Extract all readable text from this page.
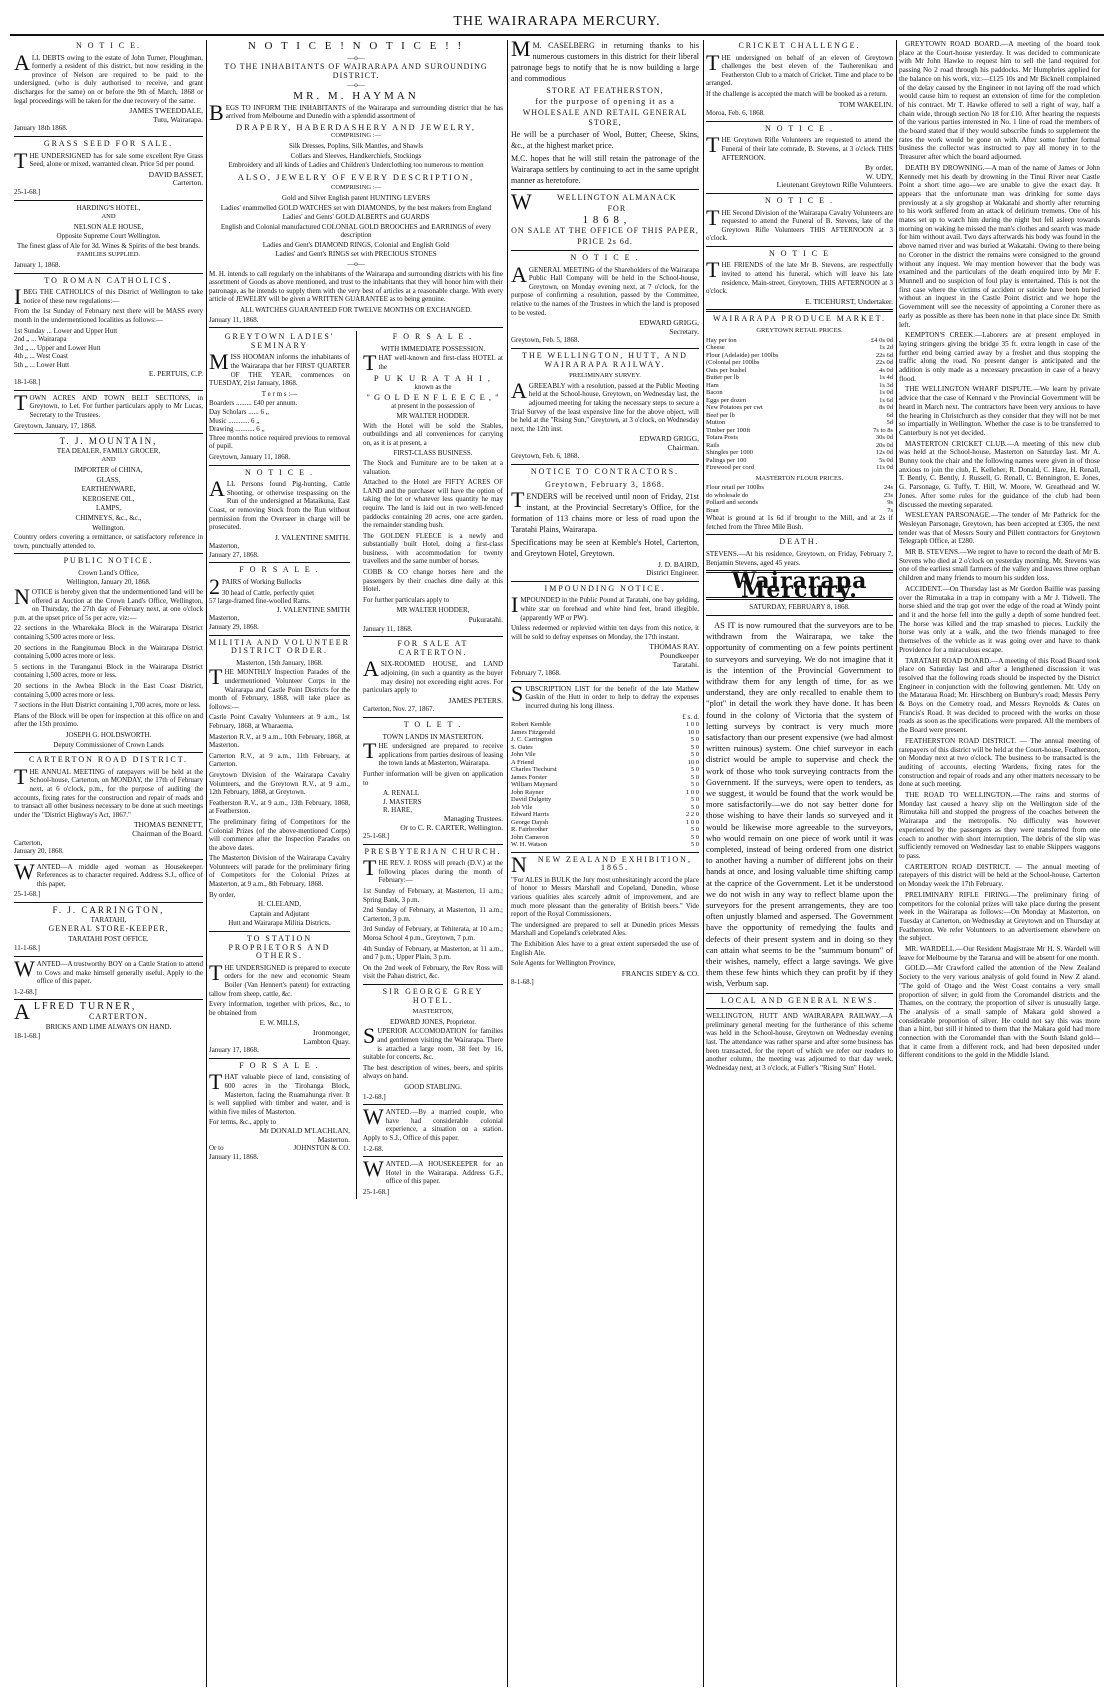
THE WAIRARAPA MERCURY.
N O T I C E.

ALL DEBTS owing to the estate of John Turner, Ploughman, formerly a resident of this district, but now residing in the province of Nelson are required to be paid to the undersigned, (who is duly authorised to receive, and grant discharges for the same) on or before the 9th of March, 1868 or legal proceedings will be taken for the due recovery of the same.

JAMES TWEEDDALE,
Tutu, Wairarapa.
January 18th 1868.
GRASS SEED FOR SALE.

THE UNDERSIGNED has for sale some excellent Rye Grass Seed, alone or mixed, warranted clean. Price 5d per pound.

DAVID BASSET,
Carterton.
25-1-68.]
HARDING'S HOTEL,
AND
NELSON ALE HOUSE,
Opposite Supreme Court Wellington.
The finest glass of Ale for 3d. Wines & Spirits of the best brands.
FAMILIES SUPPLIED.
January 1, 1868.
TO ROMAN CATHOLICS.

IBEG THE CATHOLICS of this District of Wellington to take notice of these new regulations:—

From the 1st Sunday of February next there will be MASS every month in the undermentioned localities as follows:—

1st Sunday ... Lower and Upper Hutt
2nd „ ... Wairarapa
3rd „ ... Upper and Lower Hutt
4th „ ... West Coast
5th „ ... Lower Hutt
E. PERTUIS, C.P.
18-1-68.]

TOWN ACRES AND TOWN BELT SECTIONS, in Greytown, to Let. For further particulars apply to Mr Lucas, Secretary to the Trustees.

Greytown, January, 17, 1868.
T. J. MOUNTAIN,
TEA DEALER, FAMILY GROCER,
AND
IMPORTER of CHINA,
GLASS,
EARTHENWARE,
KEROSENE OIL,
LAMPS,
CHIMNEYS, &c., &c.,
Wellington.

Country orders covering a remittance, or satisfactory reference in town, punctually attended to.

PUBLIC NOTICE.
Crown Land's Office,
Wellington, January 20, 1868.

NOTICE is hereby given that the undermentioned land will be offered at Auction at the Crown Land's Office, Wellington, on Thursday, the 27th day of February next, at one o'clock p.m. at the upset price of 5s per acre, viz:—

22 sections in the Wharekaka Block in the Wairarapa District containing 5,500 acres more or less.

20 sections in the Rangitumau Block in the Wairarapa District containing 5,000 acres more or less.

5 sections in the Turanganui Block in the Wairarapa District containing 1,500 acres, more or less.

20 sections in the Awhea Block in the East Coast District, containing 5,000 acres more or less.

7 sections in the Hutt District containing 1,700 acres, more or less.

Plans of the Block will be open for inspection at this office on and after the 15th proximo.

JOSEPH G. HOLDSWORTH.
Deputy Commissioner of Crown Lands
CARTERTON ROAD DISTRICT.

THE ANNUAL MEETING of ratepayers will be held at the School-house, Carterton, on MONDAY, the 17th of February next, at 6 o'clock, p.m., for the purpose of auditing the accounts, fixing rates for the construction and repair of roads and to transact all other business necessary to be done at such meetings under the "District Highway's Act, 1867."

THOMAS BENNETT,
Chairman of the Board.
Carterton,
January 20, 1868.

WANTED—A middle aged woman as Housekeeper. References as to character required. Address S.J., office of this paper,

25-1-68.]
F. J. CARRINGTON,
TARATAHI,
GENERAL STORE-KEEPER,
TARATAHI POST OFFICE.
11-1-68.]

WANTED—A trustworthy BOY on a Cattle Station to attend to Cows and make himself generally useful. Apply to the office of this paper.

1-2-68.]
ALFRED TURNER,
CARTERTON.
BRICKS AND LIME ALWAYS ON HAND.
18-1-68.]
N O T I C E ! N O T I C E ! !
—o—
TO THE INHABITANTS OF WAIRARAPA AND SUROUNDING DISTRICT.
—o—
MR. M. HAYMAN

BEGS TO INFORM THE INHABITANTS of the Wairarapa and surrounding district that he has arrived from Melbourne and Dunedin with a splendid assortment of

DRAPERY, HABERDASHERY AND JEWELRY,
COMPRISING :—
Silk Dresses, Poplins, Silk Mantles, and Shawls
Collars and Sleeves, Handkerchiefs, Stockings
Embroidery and all kinds of Ladies and Children's Underclothing too numerous to mention
ALSO, JEWELRY OF EVERY DESCRIPTION,
COMPRISING :—
Gold and Silver English patent HUNTING LEVERS
Ladies' enammelled GOLD WATCHES set with DIAMONDS, by the best makers from England
Ladies' and Gents' GOLD ALBERTS and GUARDS
English and Colonial manufactured COLONIAL GOLD BROOCHES and EARRINGS of every description
Ladies and Gent's DIAMOND RINGS, Colonial and English Gold
Ladies' and Gent's RINGS set with PRECIOUS STONES
—o—

M. H. intends to call regularly on the inhabitants of the Wairarapa and surrounding districts with his fine assortment of Goods as above mentioned, and trust to the inhabitants that they will honor him with their patronage, as he intends to supply them with the very best of articles at a reasonable charge. With every article of JEWELRY will be given a WRITTEN GUARANTEE as to being genuine.

ALL WATCHES GUARANTEED FOR TWELVE MONTHS OR EXCHANGED.
January 11, 1868.
GREYTOWN LADIES' SEMINARY

MISS HOOMAN informs the inhabitants of the Wairarapa that her FIRST QUARTER OF THE YEAR, commences on TUESDAY, 21st January, 1868.

T e r m s :—
Boarders ......... £40 per annum.
Day Scholars ...... 6 „
Music ............ 6 „
Drawing ........... 6 „

Three months notice required previous to removal of pupil.

Greytown, January 11, 1868.
N O T I C E .

ALL Persons found Pig-hunting, Cattle Shooting, or otherwise trespassing on the Run of the undersigned at Mataikuna, East Coast, or removing Stock from the Run without permission from the Overseer in charge will be prosecuted.

J. VALENTINE SMITH.
Masterton,
January 27, 1868.
F O R S A L E .

2 PAIRS of Working Bullocks

30 head of Cattle, perfectly quiet
57 large-framed fine-woolled Rams.
J. VALENTINE SMITH
Masterton,
January 29, 1868.
MILITIA AND VOLUNTEER DISTRICT ORDER.
Masterton, 15th January, 1868.

THE MONTHLY Inspection Parades of the undermentioned Volunteer Corps in the Wairarapa and Castle Point Districts for the month of February, 1868, will take place as follows:—

Castle Point Cavalry Volunteers at 9 a.m., 1st February, 1868, at Wharaema.

Masterton R.V., at 9 a.m., 10th February, 1868, at Masterton.

Carterton R.V., at 9 a.m., 11th February, at Carterton.

Greytown Division of the Wairarapa Cavalry Volunteers, and the Greytown R.V., at 9 a.m., 12th February, 1868, at Greytown.

Featherston R.V., at 9 a.m., 13th February, 1868, at Featherston.

The preliminary firing of Competitors for the Colonial Prizes (of the above-mentioned Corps) will commence after the Inspection Parades on the above dates.

The Masterton Division of the Wairarapa Cavalry Volunteers will parade for the preliminary firing of Competitors for the Colonial Prizes at Masterton, at 9 a.m., 8th February, 1868.

By order,
H. CLELAND,
Captain and Adjutant
Hutt and Wairarapa Militia Districts.
TO STATION PROPRIETORS AND OTHERS.

THE UNDERSIGNED is prepared to execute orders for the new and economic Steam Boiler (Van Hennert's patent) for extracting tallow from sheep, cattle, &c.

Every information, together with prices, &c., to be obtained from

E. W. MILLS,
Ironmonger,
Lambton Quay.
January 17, 1868.
F O R S A L E .

THAT valuable piece of land, consisting of 600 acres in the Tirohanga Block, Masterton, facing the Ruamahunga river. It is well supplied with timber and water, and is within five miles of Masterton.

For terms, &c., apply to
Mr DONALD M'LACHLAN,
Masterton.
Or to	JOHNSTON & CO.
January 11, 1868.
F O R S A L E .
WITH IMMEDIATE POSSESSION.

THAT well-known and first-class HOTEL at the

P U K U R A T A H I ,
known as the
" G O L D E N F L E E C E , "
at present in the possession of
MR WALTER HODDER.

With the Hotel will be sold the Stables, outbuildings and all conveniences for carrying on, as it is at present, a

FIRST-CLASS BUSINESS.

The Stock and Furniture are to be taken at a valuation.

Attached to the Hotel are FIFTY ACRES OF LAND and the purchaser will have the option of taking the lot or whatever less quantity he may require. The land is laid out in two well-fenced paddocks containing 20 acres, one acre garden, the remainder standing bush.

The GOLDEN FLEECE is a newly and substantially built Hotel, doing a first-class business, with accommodation for twenty travellers and the same number of horses.

COBB & CO change horses here and the passengers by their coaches dine daily at this Hotel.

For further particulars apply to

MR WALTER HODDER,
Pukuratahi.
January 11, 1868.
FOR SALE AT CARTERTON.

ASIX-ROOMED HOUSE, and LAND adjoining, (in such a quantity as the buyer may desire) not exceeding eight acres. For particulars apply to

JAMES PETERS.
Carterton, Nov. 27, 1867.
T O L E T .
TOWN LANDS IN MASTERTON.

THE undersigned are prepared to receive applications from parties desirous of leasing the town lands at Masterton, Wairarapa.

Further information will be given on application to

A. RENALL
J. MASTERS
R. HARE,
Managing Trustees.
Or to C. R. CARTER, Wellington.
25-1-68.]
PRESBYTERIAN CHURCH.

THE REV. J. ROSS will preach (D.V.) at the following places during the month of February:—

1st Sunday of February, at Masterton, 11 a.m.; Spring Bank, 3 p.m.

2nd Sunday of February, at Masterton, 11 a.m.; Carterton, 3 p.m.

3rd Sunday of February, at Tehiterata, at 10 a.m.; Moroa School 4 p.m., Greytown, 7 p.m.

4th Sunday of February, at Masterton, at 11 a.m., and 7 p.m.; Upper Plain, 3 p.m.

On the 2nd week of February, the Rev Ross will visit the Pahau district, &c.

SIR GEORGE GREY HOTEL.
MASTERTON,
EDWARD JONES, Proprietor.

SUPERIOR ACCOMODATION for families and gentlemen visiting the Wairarapa. There is attached a large room, 38 feet by 16, suitable for concerts, &c.

The best description of wines, beers, and spirits always on hand.

GOOD STABLING.
1-2-68.]

WANTED.—By a married couple, who have had considerable colonial experience, a situation on a station. Apply to S.J., Office of this paper.

1-2-68.

WANTED.—A HOUSEKEEPER for an Hotel in the Wairarapa. Address G.F., office of this paper.

25-1-68.]

M M. CASELBERG in returning thanks to his numerous customers in this district for their liberal patronage begs to notify that he is now building a large and commodious

STORE AT FEATHERSTON,
for the purpose of opening it as a
WHOLESALE AND RETAIL GENERAL STORE,

He will be a purchaser of Wool, Butter, Cheese, Skins, &c., at the highest market price.

M.C. hopes that he will still retain the patronage of the Wairarapa settlers by continuing to act in the same upright manner as heretofore.

W	WELLINGTON ALMANACK
FOR
1 8 6 8 ,
ON SALE AT THE OFFICE OF THIS PAPER,
PRICE 2s 6d.
N O T I C E .

AGENERAL MEETING of the Shareholders of the Wairarapa Public Hall Company will be held in the School-house, Greytown, on Monday evening next, at 7 o'clock, for the purpose of confirming a resolution, passed by the Committee, relative to the names of the Trustees in which the land is proposed to be vested.

EDWARD GRIGG,
Secretary.
Greytown, Feb. 5, 1868.
THE WELLINGTON, HUTT, AND WAIRARAPA RAILWAY.
PRELIMINARY SURVEY.

AGREEABLY with a resolution, passed at the Public Meeting held at the School-house, Greytown, on Wednesday last, the adjourned meeting for taking the necessary steps to secure a Trial Survey of the least expensive line for the above object, will be held at the "Rising Sun," Greytown, at 3 o'clock, on Wednesday next, the 12th inst.

EDWARD GRIGG,
Chairman.
Greytown, Feb. 6, 1868.
NOTICE TO CONTRACTORS.
Greytown, February 3, 1868.

TENDERS will be received until noon of Friday, 21st instant, at the Provincial Secretary's Office, for the formation of 113 chains more or less of road upon the Taratahi Plains, Wairarapa.

Specifications may be seen at Kemble's Hotel, Carterton, and Greytown Hotel, Greytown.

J. D. BAIRD,
District Engineer.
IMPOUNDING NOTICE.

IMPOUNDED in the Public Pound at Taratahi, one bay gelding, white star on forehead and white hind feet, brand illegible, (apparently WP or PW).

Unless redeemed or replevied within ten days from this notice, it will be sold to defray expenses on Monday, the 17th instant.

THOMAS RAY.
Poundkeeper
Taratahi.
February 7, 1868.

SUBSCRIPTION LIST for the benefit of the late Mathew Gaskin of the Hutt in order to help to defray the expenses incurred during his long illness.

£ s. d.
Robert Kemble	1 0 0
James Fitzgerald	10 0
J. C. Carrington	5 0
S. Oates	5 0
John Vile	5 0
A Friend	10 0
Charles Tiechurst	5 0
James Forster	5 0
William Maynard	5 0
John Rayner	1 0 0
David Dulgetty	5 0
Job Vile	5 0
Edward Harris	2 2 0
George Daysh	1 0 0
R. Fairbrother	5 0
John Cameron	5 0
W. H. Watson	5 0
N NEW ZEALAND EXHIBITION, 1865.

"For ALES in BULK the Jury most unhesitatingly accord the place of honor to Messrs Marshall and Copeland, Dunedin, whose various qualities ales scarcely admit of improvement, and are much more pleasant than the generality of British beers." Vide report of the Royal Commissioners.

The undersigned are prepared to sell at Dunedin prices Messrs Marshall and Copeland's celebrated Ales.

The Exhibition Ales have to a great extent superseded the use of English Ale.

Sole Agents for Wellington Province,

FRANCIS SIDEY & CO.
8-1-68.]
CRICKET CHALLENGE.

THE undersigned on behalf of an eleven of Greytown challenges the best eleven of the Tauherenikau and Featherston Club to a match of Cricket. Time and place to be arranged.

If the challenge is accepted the match will be booked as a return.

TOM WAKELIN.
Moroa, Feb. 6, 1868.
N O T I C E .

THE Greytown Rifle Volunteers are requested to attend the Funeral of their late comrade, B. Stevens, at 3 o'clock THIS AFTERNOON.

By order,
W. UDY,
Lieutenant Greytown Rifle Volunteers.
N O T I C E .

THE Second Division of the Wairarapa Cavalry Volunteers are requested to attend the Funeral of B. Stevens, late of the Greytown Rifle Volunteers THIS AFTERNOON at 3 o'clock.

N O T I C E

THE FRIENDS of the late Mr B. Stevens, are respectfully invited to attend his funeral, which will leave his late residence, Main-street, Greytown, THIS AFTERNOON at 3 o'clock.

E. TICEHURST, Undertaker.
WAIRARAPA PRODUCE MARKET.
GREYTOWN RETAIL PRICES.
Hay per ton	£4 0s 0d
Cheese	1s 2d
Flour (Adelaide) per 100lbs	22s 6d
(Colonial per 100lbs	22s 0d
Oats per bushel	4s 0d
Butter per lb	1s 4d
Ham	1s 3d
Bacon	1s 0d
Eggs per dozen	1s 6d
New Potatoes per cwt	8s 0d
Beef per lb	6d
Mutton	5d
Timber per 100ft	7s to 8s
Totara Posts	30s 0d
Rails	20s 0d
Shingles per 1000	12s 0d
Palings per 100	5s 0d
Firewood per cord	11s 0d
MASTERTON FLOUR PRICES.
Flour retail per 100lbs	24s
do wholesale do	23s
Pollard and seconds	9s
Bran	7s

Wheat is ground at 1s 6d if brought to the Mill, and at 2s if fetched from the Three Mile Bush.

DEATH.

STEVENS.—At his residence, Greytown, on Friday, February 7, Benjamin Stevens, aged 45 years.

Wairarapa Mercury.
SATURDAY, FEBRUARY 8, 1868.

AS IT is now rumoured that the surveyors are to be withdrawn from the Wairarapa, we take the opportunity of commenting on a few points pertinent to surveyors and surveying. We do not imagine that it is the intention of the Provincial Government to withdraw them for any length of time, for as we understand, they are only recalled to enable them to "plot" in detail the work they have done. It has been found in the colony of Victoria that the system of letting surveys by contract is very much more satisfactory than our present expensive (we had almost written ruinous) system. One chief surveyor in each district would be ample to supervise and check the work of those who took surveying contracts from the Government. If the surveys, were open to tenders, as we suggest, it would be found that the work would be more satisfactorily—we do not say better done for those wishing to have their lands so surveyed and it would be likewise more agreeable to the surveyors, who would remain on one piece of work until it was completed, instead of being ordered from one district to another having a number of different jobs on their hands at once, and losing valuable time shifting camp at the caprice of the Government. Let it be understood we do not wish in any way to reflect blame upon the surveyors for the present arrangements, they are too often unjustly blamed and aspersed. The Government have the opportunity of remedying the faults and defects of their present system and in doing so they can attain what seems to be the "summum bonum" of their wishes, namely, effect a large savings. We give them these few hints which they can profit by if they wish, Verbum sap.

LOCAL AND GENERAL NEWS.

WELLINGTON, HUTT AND WAIRARAPA RAILWAY.—A preliminary general meeting for the furtherance of this scheme was held in the School-house, Greytown on Wednesday evening last. The attendance was rather sparse and after some business has been transacted, for the report of which we refer our readers to another column, the meeting was adjourned to that day week, Wednesday next, at 3 o'clock, at Fuller's "Rising Sun" Hotel.

GREYTOWN ROAD BOARD.—A meeting of the board took place at the Court-house yesterday. It was decided to communicate with Mr John Hawke to request him to sell the land required for passing No 2 road through his paddocks. Mr Humphries applied for the balance on his work, viz:—£125 10s and Mr Bicknell complained of the delay caused by the Engineer in not laying off the road which would cause him to request an extension of time for the completion of his contract. Mr T. Hawke offered to sell a right of way, half a chain wide, through section No 18 for £10. After hearing the requests of the various parties interested in No. 1 line of road the members of the board stated that if they would subscribe funds to supplement the rates the work would be gone on with. After some further formal business the collector was instructed to pay all money in to the Treasurer after which the board adjourned.

DEATH BY DROWNING.—A man of the name of James or John Kennedy met his death by drowning in the Tinui River near Castle Point a short time ago—we are unable to give the exact day. It appears that the unfortunate man was drinking for some days previously at a sly grogshop at Wakatahi and shortly after returning to his work suffered from an attack of delirium tremens. One of his mates set up to watch him during the night but fell asleep towards morning on waking he missed the man's clothes and search was made for him without avail. Two days afterwards his body was found in the above named river and was buried at Wakatahi. Owing to there being no Coroner in the district the remains were consigned to the ground without any inquest. We may mention however that the body was examined and the particulars of the death enquired into by Mr F. Munnell and no suspicion of foul play is entertained. This is not the first case where the victims of accident or suicide have been buried without an inquest in the Castle Point district and we hope the Government will see the necessity of appointing a Coroner there as early as possible as there has been none in that place since Dr. Smith left.

KEMPTON'S CREEK.—Laborers are at present employed in laying stringers giving the bridge 35 ft. extra length in case of the further end being carried away by a freshet and thus stopping the traffic along the road. No present danger is anticipated and the addition is only made as a necessary precaution in case of a heavy flood.

THE WELLINGTON WHARF DISPUTE.—We learn by private advice that the case of Kennard v the Provincial Government will be heard in March next. The contractors have been very anxious to have the hearing in Christchurch as they consider that they will not be met so impartially in Wellington. Whether the case is to be transferred to Canterbury is not yet decided.

MASTERTON CRICKET CLUB.—A meeting of this new club was held at the School-house, Masterton on Saturday last. Mr A. Bunny took the chair and the following names were given in of those anxious to join the club, E. Kelleher, R. Donald, C. Hare, H. Renall, T. Bently, C. Bently, J. Russell, G. Renall, C. Bennington, E. Jones, G. Parsonage, G. Tuffy, T. Hill, W. Moore, W. Greathead and W. Jones. After some rules for the guidance of the club had been discussed the meeting separated.

WESLEYAN PARSONAGE.—The tender of Mr Pathrick for the Wesleyan Parsonage, Greytown, has been accepted at £305, the next tender was that of Messrs Soury and Pillett contractors for Greytown Telegraph Office, at £280.

MR B. STEVENS.—We regret to have to record the death of Mr B. Stevens who died at 2 o'clock on yesterday morning. Mr. Stevens was one of the earliest small farmers of the valley and leaves three orphan children and many friends to mourn his sudden loss.

ACCIDENT.—On Thursday last as Mr Gordon Baillie was passing over the Rimutaka in a trap in company with a Mr J. Tidwell. The horse shied and the trap got over the edge of the road at Windy point and it and the horse fell into the gully a depth of some hundred feet. The horse was killed and the trap smashed to pieces. Luckily the horse was only at a walk, and the two friends managed to free themselves of the vehicle as it was going over and have to thank Providence for a miraculous escape.

TARATAHI ROAD BOARD.—A meeting of this Road Board took place on Saturday last and after a lengthened discussion it was resolved that the following roads should be inspected by the District Engineer in conjunction with the following gentlemen. Mr. Udy on the Mataraua Road; Mr. Hirschberg on Bunbury's road; Messrs Perry & Boys on the Cemetry road, and Messrs Reynolds & Oates on Francis's Road. It was decided to proceed with the works on those roads as soon as the specifications were prepared. All the members of the Board were present.

FEATHERSTON ROAD DISTRICT. — The annual meeting of ratepayers of this district will be held at the Court-house, Featherston, on Monday next at two o'clock. The business to be transacted is the auditing of accounts, electing Wardens, fixing rates for the construction and repair of roads and any other matters necessary to be done at such meeting.

THE ROAD TO WELLINGTON.—The rains and storms of Monday last caused a heavy slip on the Wellington side of the Rimutaka hill and stopped the progress of the coaches between the Wairarapa and the metropolis. No difficulty was however experienced by the passengers as they were transferred from one coach to another with short interruption. The debris of the slip was sufficiently removed on Wednesday last to enable Skippers waggons to pass.

CARTERTON ROAD DISTRICT. — The annual meeting of ratepayers of this district will be held at the School-house, Carterton on Monday week the 17th February.

PRELIMINARY RIFLE FIRING.—The preliminary firing of competitors for the colonial prizes will take place during the present week in the Wairarapa as follows:—On Monday at Masterton, on Tuesday at Carterton, on Wednesday at Greytown and on Thursday at Featherston. We refer Volunteers to an advertisement elsewhere on the subject.

MR. WARDELL.—Our Resident Magistrate Mr H. S. Wardell will leave for Melbourne by the Tararua and will be absent for one month.

GOLD.—Mr Crawford called the attention of the New Zealand Society to the very various analysis of gold found in New Z aland. "The gold of Otago and the West Coast contains a very small proportion of silver; in gold from the Coromandel districts and the Thames, on the contrary, the proportion of silver is unusually large. The analysis of a small sample of Makara gold showed a considerable proportion of silver. He could not say this was more than a hint, but still it hinted to them that the Makara gold had more connection with the Coromandel than with the South Island gold—that it came from a different rock, and had been deposited under different conditions to the gold in the Middle Island.
